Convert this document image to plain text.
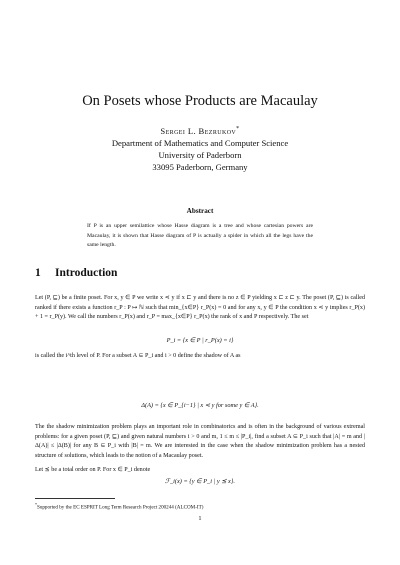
On Posets whose Products are Macaulay
Sergei L. Bezrukov*
Department of Mathematics and Computer Science
University of Paderborn
33095 Paderborn, Germany
Abstract
If P is an upper semilattice whose Hasse diagram is a tree and whose cartesian powers are Macaulay, it is shown that Hasse diagram of P is actually a spider in which all the legs have the same length.
1 Introduction
Let (P, ⊑) be a finite poset. For x, y ∈ P we write x ⋖ y if x ⊏ y and there is no z ∈ P yielding x ⊏ z ⊏ y. The poset (P, ⊑) is called ranked if there exists a function r_P : P ↦ ℕ such that min_{x∈P} r_P(x) = 0 and for any x, y ∈ P the condition x ⋖ y implies r_P(x) + 1 = r_P(y). We call the numbers r_P(x) and r_P = max_{x∈P} r_P(x) the rank of x and P respectively. The set
P_i = {x ∈ P | r_P(x) = i}
is called the i^th level of P. For a subset A ⊆ P_i and i > 0 define the shadow of A as
Δ(A) = {x ∈ P_{i−1} | x ⋖ y for some y ∈ A}.
The the shadow minimization problem plays an important role in combinatorics and is often in the background of various extremal problems: for a given poset (P, ⊑) and given natural numbers i > 0 and m, 1 ≤ m ≤ |P_i|, find a subset A ⊆ P_i such that |A| = m and |Δ(A)| ≤ |Δ(B)| for any B ⊆ P_i with |B| = m. We are interested in the case when the shadow minimization problem has a nested structure of solutions, which leads to the notion of a Macaulay poset.
Let ⪯ be a total order on P. For x ∈ P_i denote
ℱ_i(x) = {y ∈ P_i | y ⪯ x}.
*Supported by the EC ESPRIT Long Term Research Project 200244 (ALCOM-IT)
1
